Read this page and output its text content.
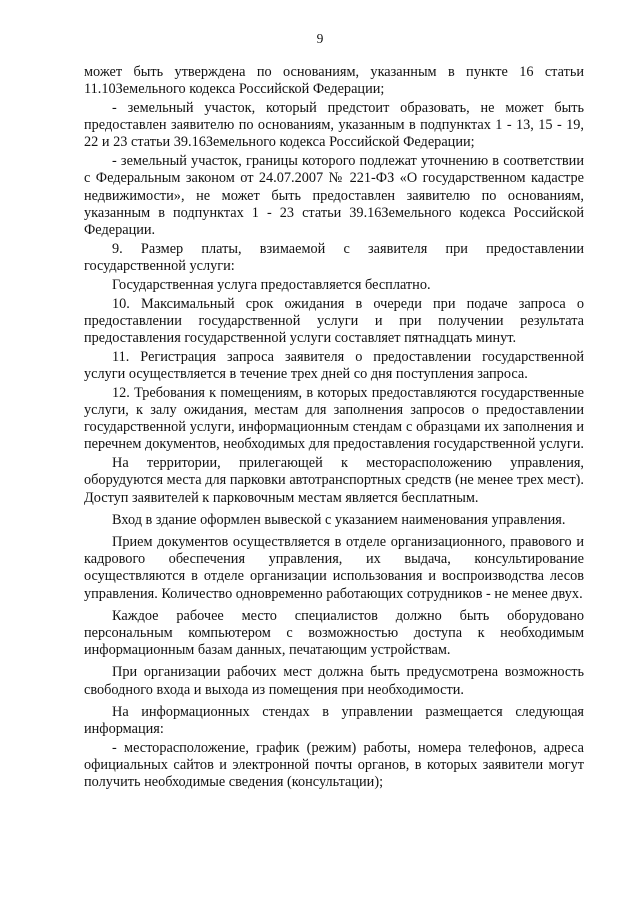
9

может быть утверждена по основаниям, указанным в пункте 16 статьи 11.10Земельного кодекса Российской Федерации;

- земельный участок, который предстоит образовать, не может быть предоставлен заявителю по основаниям, указанным в подпунктах 1 - 13, 15 - 19, 22 и 23 статьи 39.16Земельного кодекса Российской Федерации;

- земельный участок, границы которого подлежат уточнению в соответствии с Федеральным законом от 24.07.2007 № 221-ФЗ «О государственном кадастре недвижимости», не может быть предоставлен заявителю по основаниям, указанным в подпунктах 1 - 23 статьи 39.16Земельного кодекса Российской Федерации.

9. Размер платы, взимаемой с заявителя при предоставлении государственной услуги:

Государственная услуга предоставляется бесплатно.

10. Максимальный срок ожидания в очереди при подаче запроса о предоставлении государственной услуги и при получении результата предоставления государственной услуги составляет пятнадцать минут.

11. Регистрация запроса заявителя о предоставлении государственной услуги осуществляется в течение трех дней со дня поступления запроса.

12. Требования к помещениям, в которых предоставляются государственные услуги, к залу ожидания, местам для заполнения запросов о предоставлении государственной услуги, информационным стендам с образцами их заполнения и перечнем документов, необходимых для предоставления государственной услуги.

На территории, прилегающей к месторасположению управления, оборудуются места для парковки автотранспортных средств (не менее трех мест). Доступ заявителей к парковочным местам является бесплатным.

Вход в здание оформлен вывеской с указанием наименования управления.

Прием документов осуществляется в отделе организационного, правового и кадрового обеспечения управления, их выдача, консультирование осуществляются в отделе организации использования и воспроизводства лесов управления. Количество одновременно работающих сотрудников - не менее двух.

Каждое рабочее место специалистов должно быть оборудовано персональным компьютером с возможностью доступа к необходимым информационным базам данных, печатающим устройствам.

При организации рабочих мест должна быть предусмотрена возможность свободного входа и выхода из помещения при необходимости.

На информационных стендах в управлении размещается следующая информация:

- месторасположение, график (режим) работы, номера телефонов, адреса официальных сайтов и электронной почты органов, в которых заявители могут получить необходимые сведения (консультации);
